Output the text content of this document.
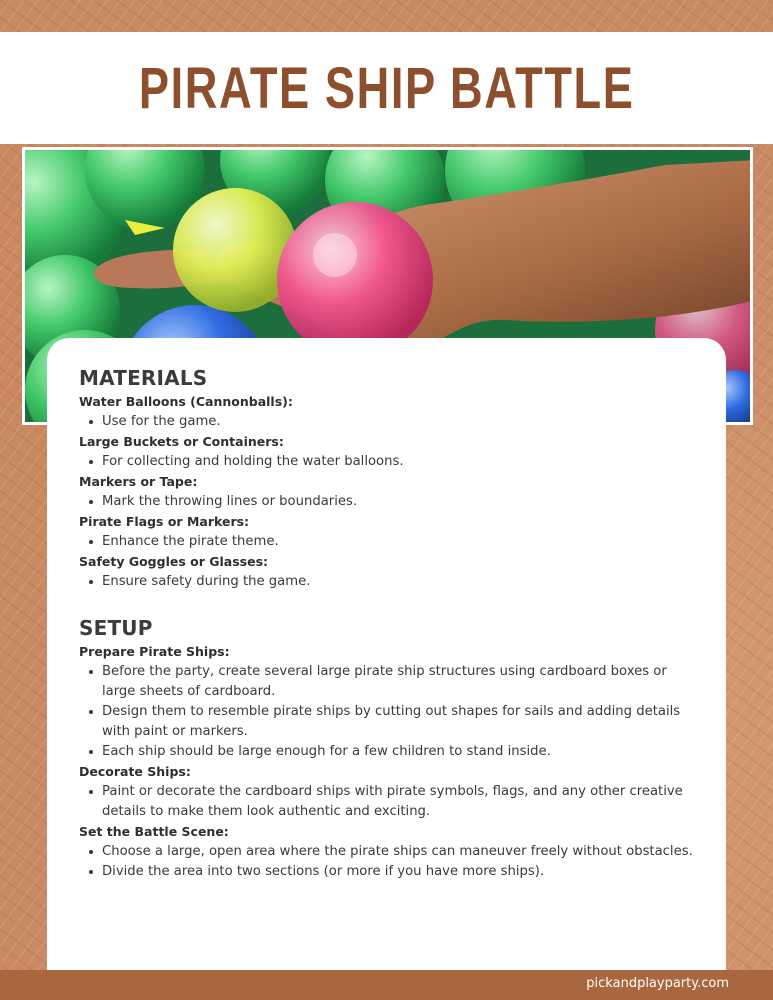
PIRATE SHIP BATTLE
MATERIALS
Water Balloons (Cannonballs):
Use for the game.
Large Buckets or Containers:
For collecting and holding the water balloons.
Markers or Tape:
Mark the throwing lines or boundaries.
Pirate Flags or Markers:
Enhance the pirate theme.
Safety Goggles or Glasses:
Ensure safety during the game.
SETUP
Prepare Pirate Ships:
Before the party, create several large pirate ship structures using cardboard boxes or large sheets of cardboard.
Design them to resemble pirate ships by cutting out shapes for sails and adding details with paint or markers.
Each ship should be large enough for a few children to stand inside.
Decorate Ships:
Paint or decorate the cardboard ships with pirate symbols, flags, and any other creative details to make them look authentic and exciting.
Set the Battle Scene:
Choose a large, open area where the pirate ships can maneuver freely without obstacles.
Divide the area into two sections (or more if you have more ships).
pickandplayparty.com
